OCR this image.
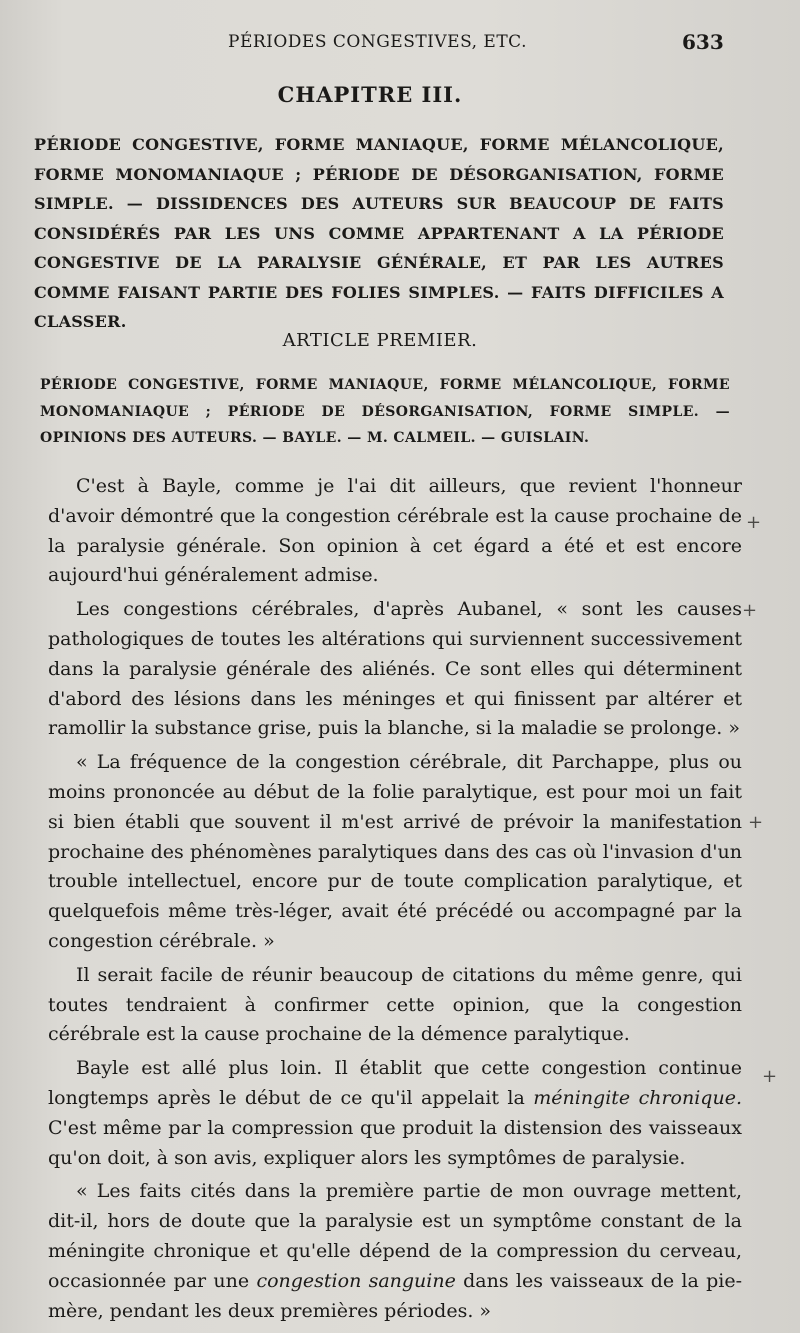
PÉRIODES CONGESTIVES, ETC.	633
CHAPITRE III.

PÉRIODE CONGESTIVE, FORME MANIAQUE, FORME MÉLANCOLIQUE, FORME MONOMANIAQUE ; PÉRIODE DE DÉSORGANISATION, FORME SIMPLE. — DISSIDENCES DES AUTEURS SUR BEAUCOUP DE FAITS CONSIDÉRÉS PAR LES UNS COMME APPARTENANT A LA PÉRIODE CONGESTIVE DE LA PARALYSIE GÉNÉRALE, ET PAR LES AUTRES COMME FAISANT PARTIE DES FOLIES SIMPLES. — FAITS DIFFICILES A CLASSER.

ARTICLE PREMIER.

PÉRIODE CONGESTIVE, FORME MANIAQUE, FORME MÉLANCOLIQUE, FORME MONOMANIAQUE ; PÉRIODE DE DÉSORGANISATION, FORME SIMPLE. — OPINIONS DES AUTEURS. — BAYLE. — M. CALMEIL. — GUISLAIN.

C'est à Bayle, comme je l'ai dit ailleurs, que revient l'honneur d'avoir démontré que la congestion cérébrale est la cause prochaine de la paralysie générale. Son opinion à cet égard a été et est encore aujourd'hui généralement admise.

Les congestions cérébrales, d'après Aubanel, « sont les causes pathologiques de toutes les altérations qui surviennent successivement dans la paralysie générale des aliénés. Ce sont elles qui déterminent d'abord des lésions dans les méninges et qui finissent par altérer et ramollir la substance grise, puis la blanche, si la maladie se prolonge. »

« La fréquence de la congestion cérébrale, dit Parchappe, plus ou moins prononcée au début de la folie paralytique, est pour moi un fait si bien établi que souvent il m'est arrivé de prévoir la manifestation prochaine des phénomènes paralytiques dans des cas où l'invasion d'un trouble intellectuel, encore pur de toute complication paralytique, et quelquefois même très-léger, avait été précédé ou accompagné par la congestion cérébrale. »

Il serait facile de réunir beaucoup de citations du même genre, qui toutes tendraient à confirmer cette opinion, que la congestion cérébrale est la cause prochaine de la démence paralytique.

Bayle est allé plus loin. Il établit que cette congestion continue longtemps après le début de ce qu'il appelait la méningite chronique. C'est même par la compression que produit la distension des vaisseaux qu'on doit, à son avis, expliquer alors les symptômes de paralysie.

« Les faits cités dans la première partie de mon ouvrage mettent, dit-il, hors de doute que la paralysie est un symptôme constant de la méningite chronique et qu'elle dépend de la compression du cerveau, occasionnée par une congestion sanguine dans les vaisseaux de la pie-mère, pendant les deux premières périodes. »

+
+
+
+
